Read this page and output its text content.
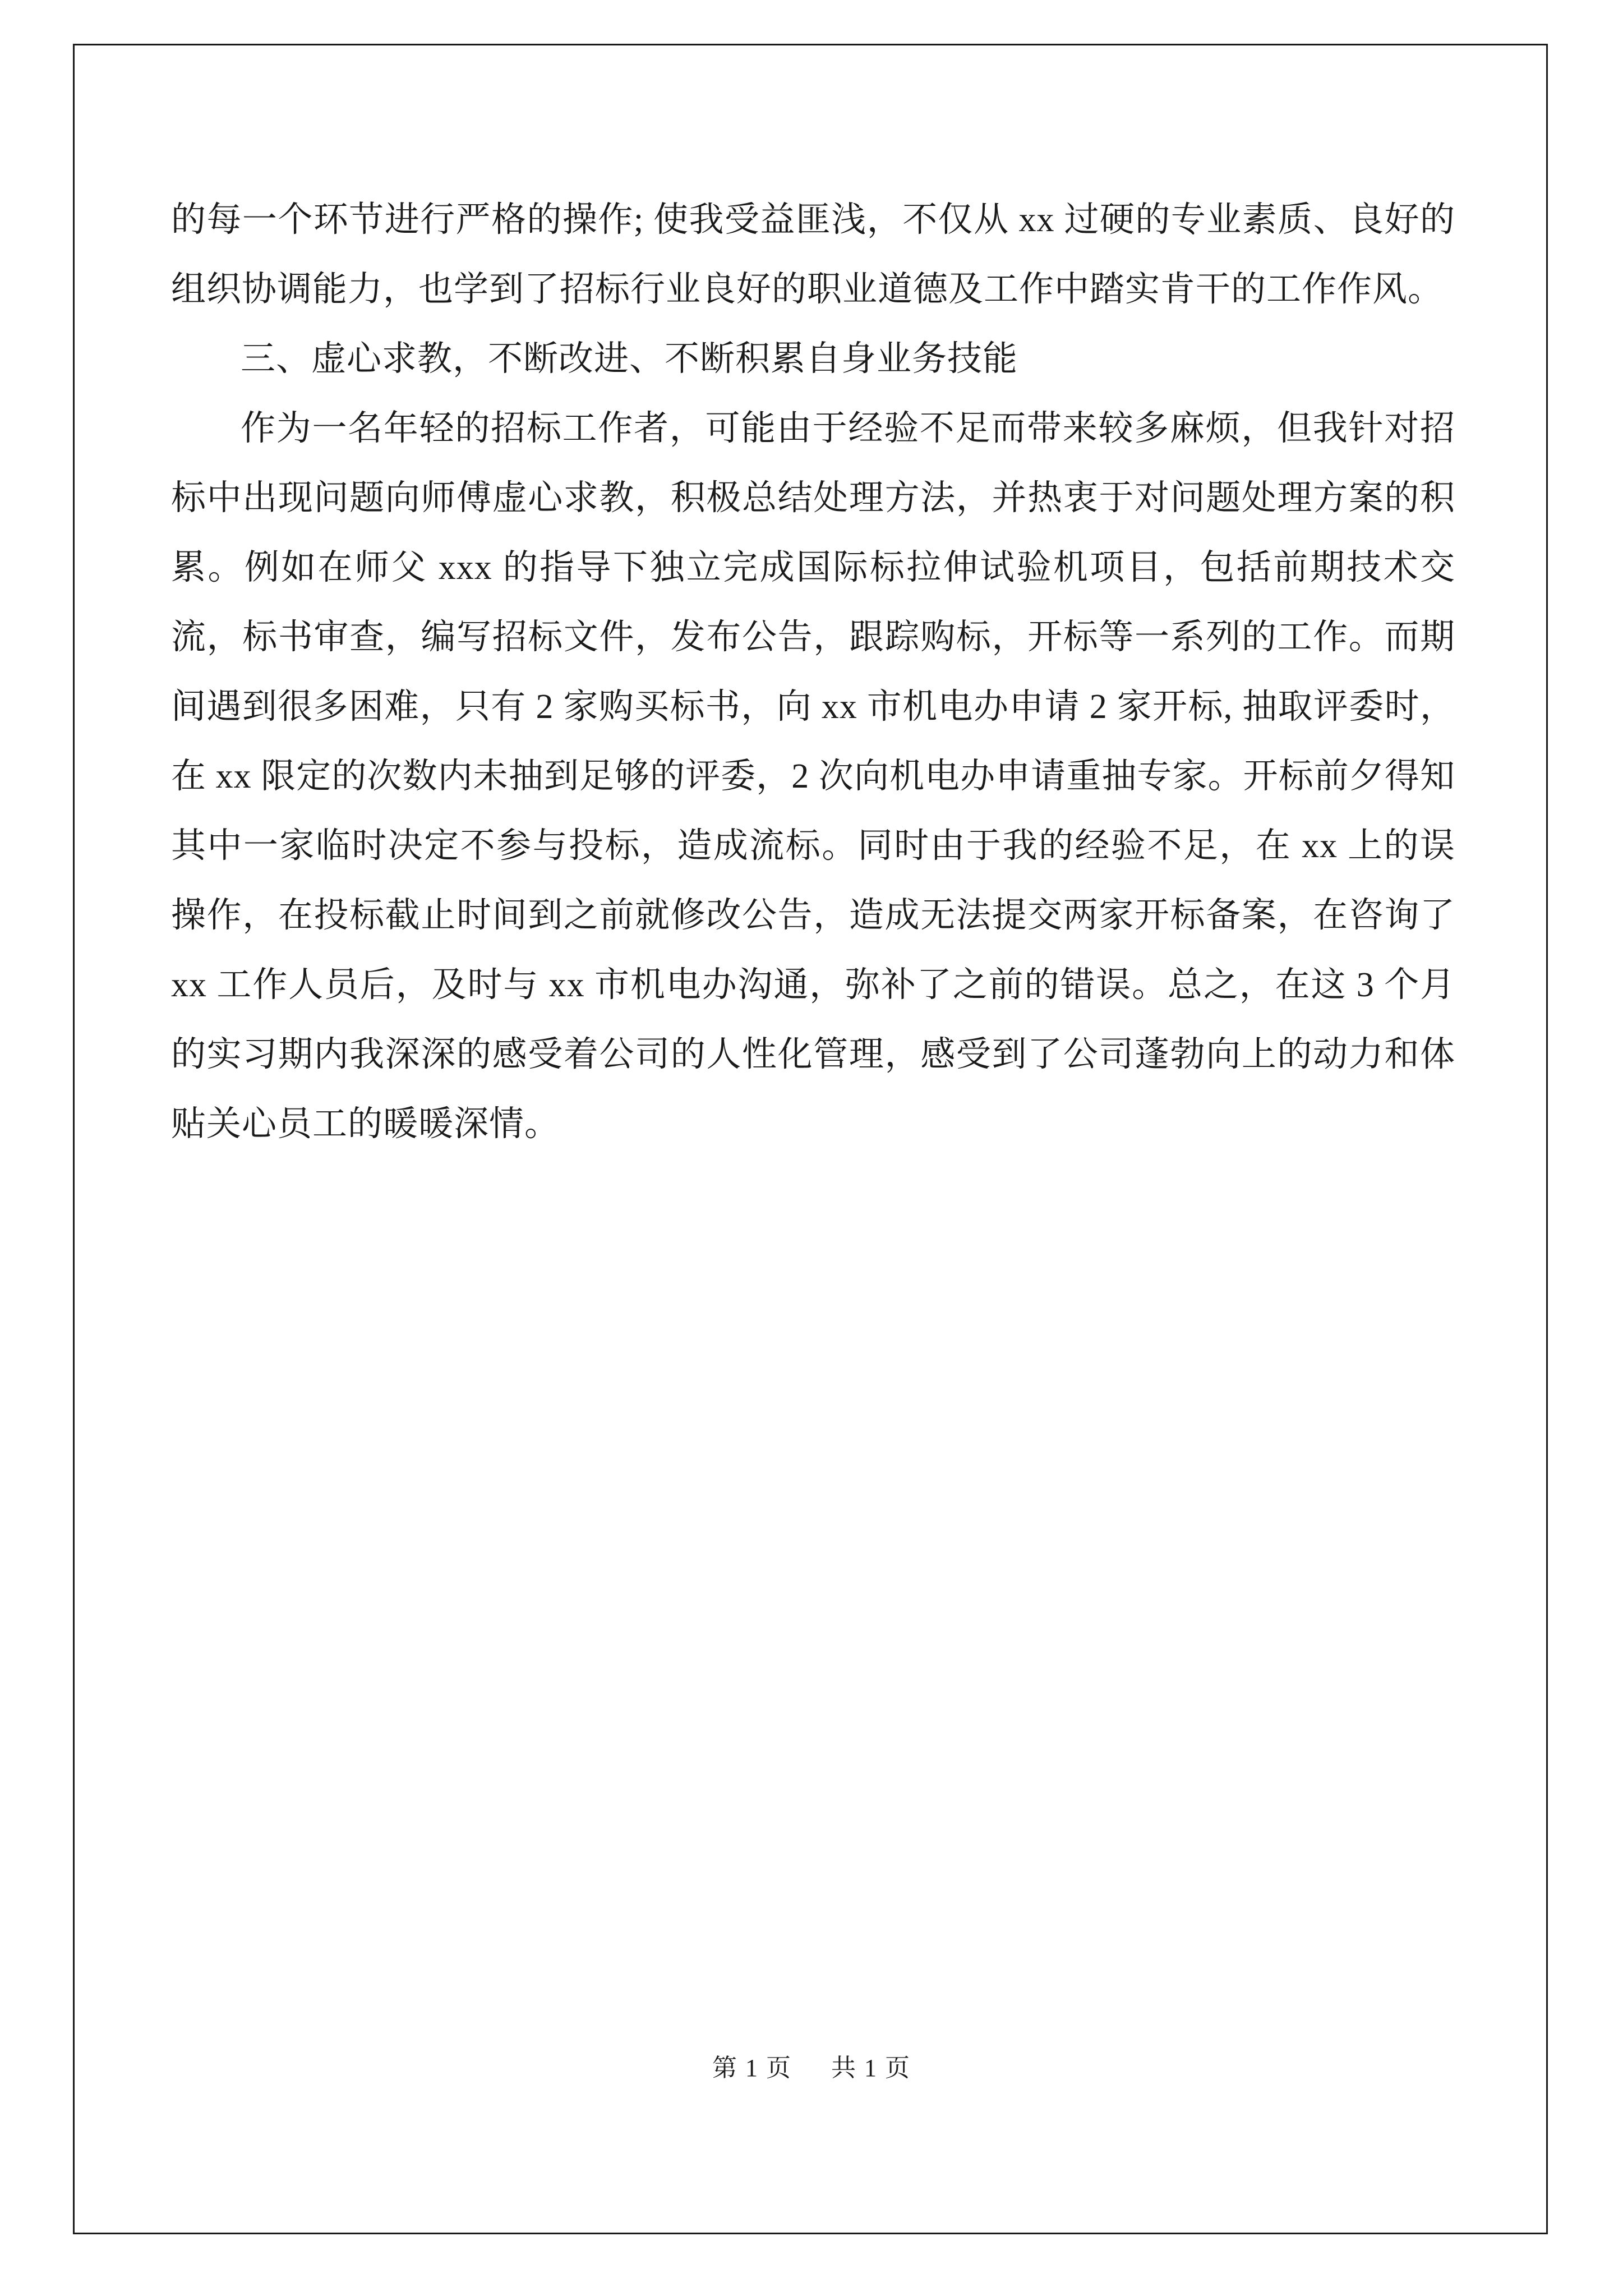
的每一个环节进行严格的操作; 使我受益匪浅，不仅从 xx 过硬的专业素质、良好的组织协调能力，也学到了招标行业良好的职业道德及工作中踏实肯干的工作作风。

三、虚心求教，不断改进、不断积累自身业务技能

作为一名年轻的招标工作者，可能由于经验不足而带来较多麻烦，但我针对招标中出现问题向师傅虚心求教，积极总结处理方法，并热衷于对问题处理方案的积累。例如在师父 xxx 的指导下独立完成国际标拉伸试验机项目，包括前期技术交流，标书审查，编写招标文件，发布公告，跟踪购标，开标等一系列的工作。而期间遇到很多困难，只有 2 家购买标书，向 xx 市机电办申请 2 家开标, 抽取评委时，在 xx 限定的次数内未抽到足够的评委，2 次向机电办申请重抽专家。开标前夕得知其中一家临时决定不参与投标，造成流标。同时由于我的经验不足，在 xx 上的误操作，在投标截止时间到之前就修改公告，造成无法提交两家开标备案，在咨询了 xx 工作人员后，及时与 xx 市机电办沟通，弥补了之前的错误。总之，在这 3 个月的实习期内我深深的感受着公司的人性化管理，感受到了公司蓬勃向上的动力和体贴关心员工的暖暖深情。

第 1 页 共 1 页
